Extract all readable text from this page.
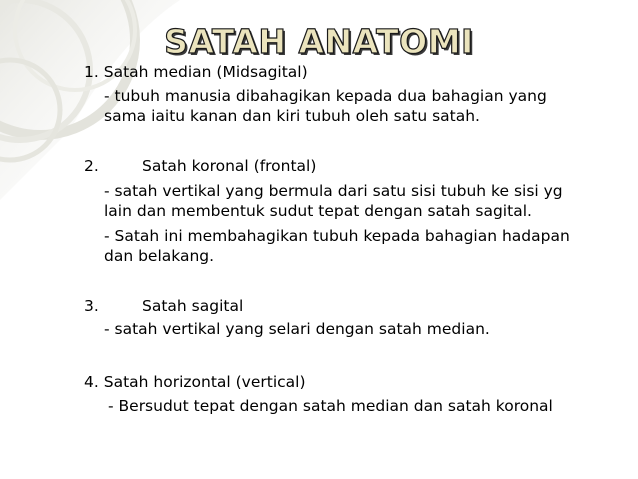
SATAH ANATOMI
1. Satah median (Midsagital)
- tubuh manusia dibahagikan kepada dua bahagian yang
sama iaitu kanan dan kiri tubuh oleh satu satah.
2.	Satah koronal (frontal)
- satah vertikal yang bermula dari satu sisi tubuh ke sisi yg
lain dan membentuk sudut tepat dengan satah sagital.
- Satah ini membahagikan tubuh kepada bahagian hadapan
dan belakang.
3.	Satah sagital
- satah vertikal yang selari dengan satah median.
4. Satah horizontal (vertical)
- Bersudut tepat dengan satah median dan satah koronal
